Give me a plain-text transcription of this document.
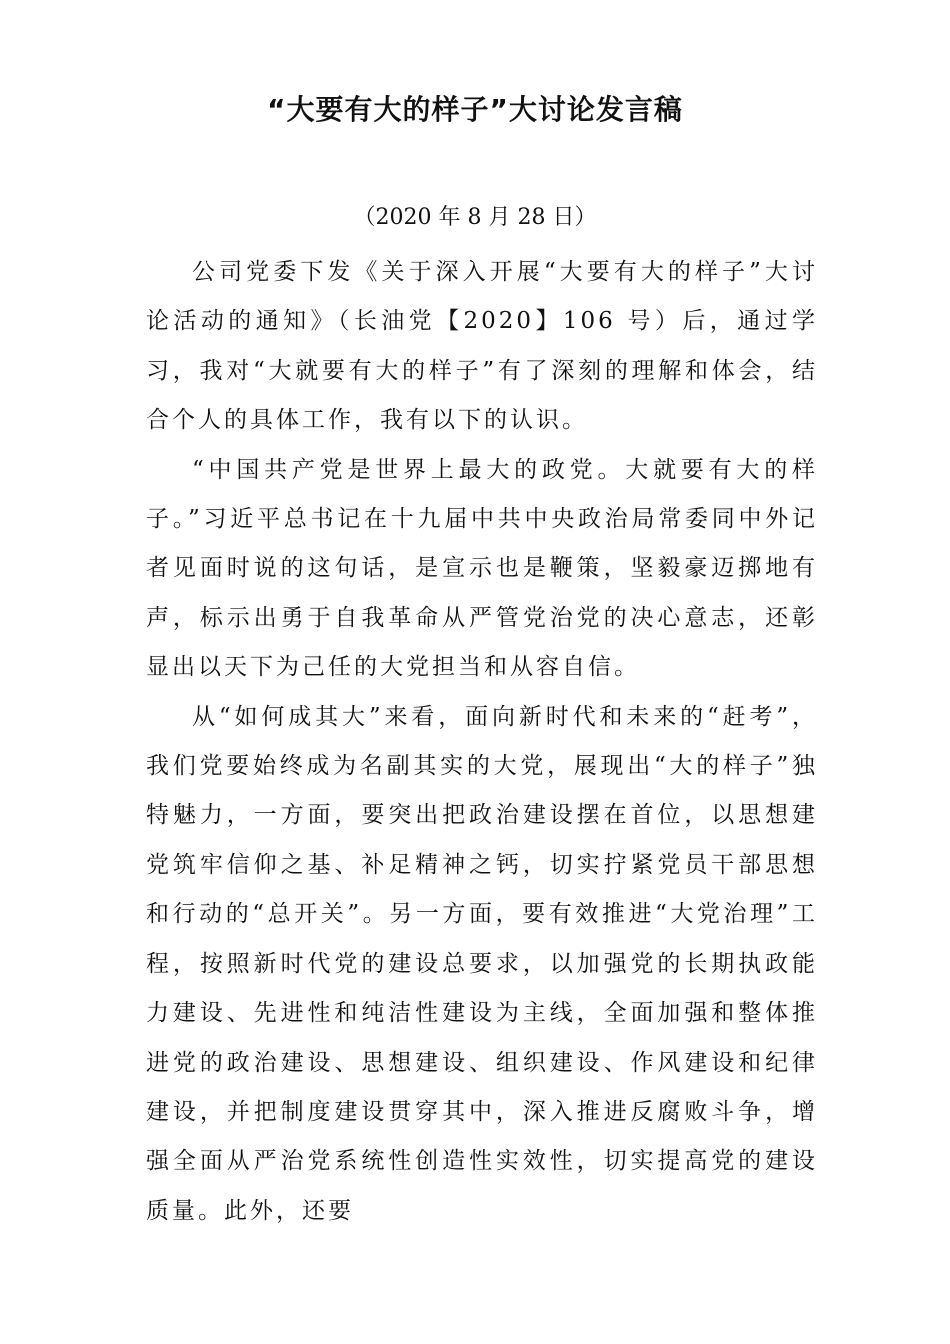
“大要有大的样子”大讨论发言稿
（2020 年 8 月 28 日）

公司党委下发《关于深入开展“大要有大的样子”大讨论活动的通知》（长油党【2020】106 号）后，通过学习，我对“大就要有大的样子”有了深刻的理解和体会，结合个人的具体工作，我有以下的认识。

“中国共产党是世界上最大的政党。大就要有大的样子。”习近平总书记在十九届中共中央政治局常委同中外记者见面时说的这句话，是宣示也是鞭策，坚毅豪迈掷地有声，标示出勇于自我革命从严管党治党的决心意志，还彰显出以天下为己任的大党担当和从容自信。

从“如何成其大”来看，面向新时代和未来的“赶考”，我们党要始终成为名副其实的大党，展现出“大的样子”独特魅力，一方面，要突出把政治建设摆在首位，以思想建党筑牢信仰之基、补足精神之钙，切实拧紧党员干部思想和行动的“总开关”。另一方面，要有效推进“大党治理”工程，按照新时代党的建设总要求，以加强党的长期执政能力建设、先进性和纯洁性建设为主线，全面加强和整体推进党的政治建设、思想建设、组织建设、作风建设和纪律建设，并把制度建设贯穿其中，深入推进反腐败斗争，增强全面从严治党系统性创造性实效性，切实提高党的建设质量。此外，还要
